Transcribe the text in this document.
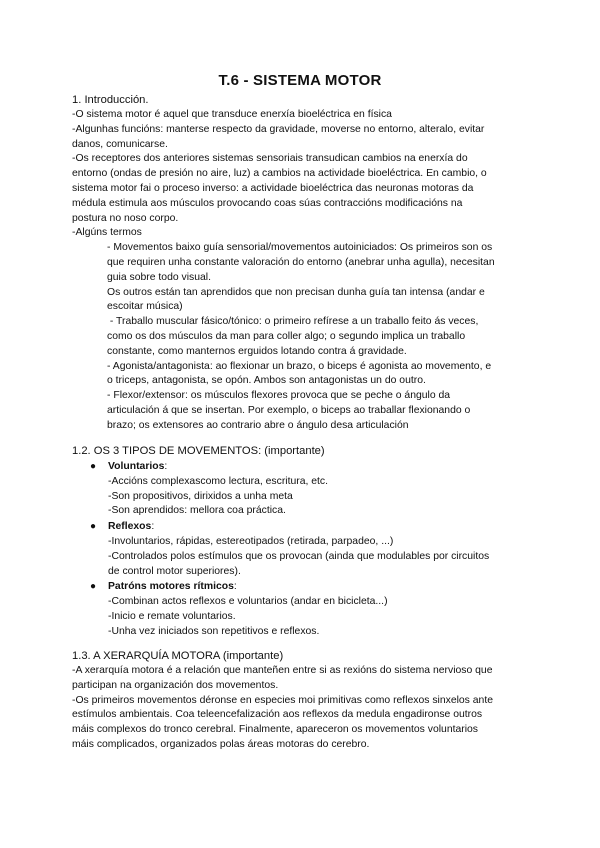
T.6 - SISTEMA MOTOR

1. Introducción.

-O sistema motor é aquel que transduce enerxía bioeléctrica en física

-Algunhas funcións: manterse respecto da gravidade, moverse no entorno, alteralo, evitar

danos, comunicarse.

-Os receptores dos anteriores sistemas sensoriais transudican cambios na enerxía do

entorno (ondas de presión no aire, luz) a cambios na actividade bioeléctrica. En cambio, o

sistema motor fai o proceso inverso: a actividade bioeléctrica das neuronas motoras da

médula estimula aos músculos provocando coas súas contraccións modificacións na

postura no noso corpo.

-Algúns termos

- Movementos baixo guía sensorial/movementos autoiniciados: Os primeiros son os

que requiren unha constante valoración do entorno (anebrar unha agulla), necesitan

guia sobre todo visual.

Os outros están tan aprendidos que non precisan dunha guía tan intensa (andar e

escoitar música)

- Traballo muscular fásico/tónico: o primeiro refírese a un traballo feito ás veces,

como os dos músculos da man para coller algo; o segundo implica un traballo

constante, como manternos erguidos lotando contra á gravidade.

- Agonista/antagonista: ao flexionar un brazo, o biceps é agonista ao movemento, e

o triceps, antagonista, se opón. Ambos son antagonistas un do outro.

- Flexor/extensor: os músculos flexores provoca que se peche o ángulo da

articulación á que se insertan. Por exemplo, o biceps ao traballar flexionando o

brazo; os extensores ao contrario abre o ángulo desa articulación

1.2. OS 3 TIPOS DE MOVEMENTOS: (importante)

● Voluntarios:

-Accións complexascomo lectura, escritura, etc.

-Son propositivos, dirixidos a unha meta

-Son aprendidos: mellora coa práctica.

● Reflexos:

-Involuntarios, rápidas, estereotipados (retirada, parpadeo, ...)

-Controlados polos estímulos que os provocan (ainda que modulables por circuitos

de control motor superiores).

● Patróns motores rítmicos:

-Combinan actos reflexos e voluntarios (andar en bicicleta...)

-Inicio e remate voluntarios.

-Unha vez iniciados son repetitivos e reflexos.

1.3. A XERARQUÍA MOTORA (importante)

-A xerarquía motora é a relación que manteñen entre si as rexións do sistema nervioso que

participan na organización dos movementos.

-Os primeiros movementos déronse en especies moi primitivas como reflexos sinxelos ante

estímulos ambientais. Coa teleencefalización aos reflexos da medula engadironse outros

máis complexos do tronco cerebral. Finalmente, apareceron os movementos voluntarios

máis complicados, organizados polas áreas motoras do cerebro.
